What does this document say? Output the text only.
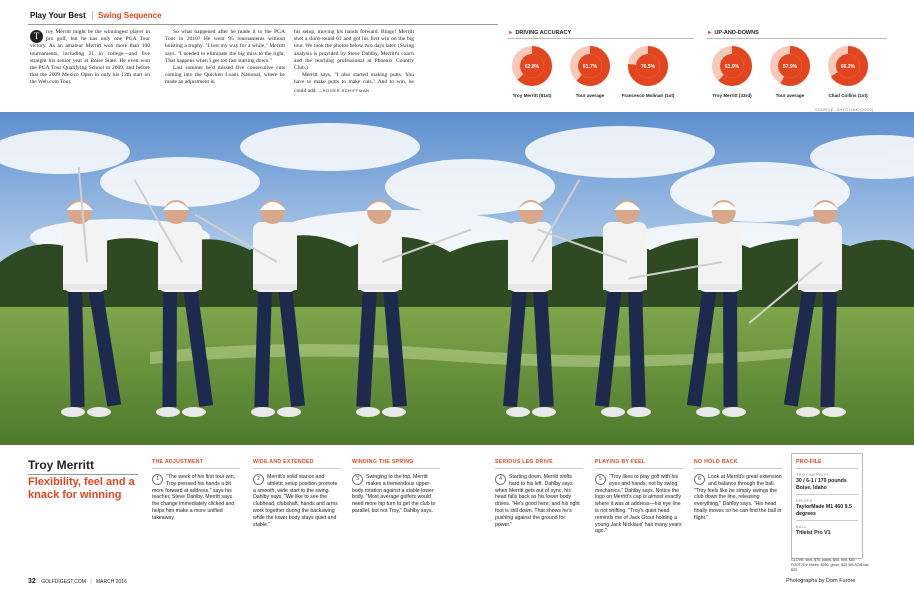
Play Your Best Swing Sequence
T	roy Merritt might be the winningest player in pro golf, but he has only one PGA Tour victory. As an amateur Merritt won more than 100 tournaments, including 21 in college—and five straight his senior year at Boise State. He even won the PGA Tour Qualifying School in 2009, and before that the 2009 Mexico Open in only his 12th start on the Web.com Tour.
So what happened after he made it to the PGA Tour in 2010? He went 95 tournaments without hoisting a trophy. "I lost my way for a while," Merritt says. "I needed to eliminate the big miss to the right. That happens when I get too fast starting down."
Last summer he'd missed five consecutive cuts coming into the Quicken Loans National, where he made an adjustment in
his setup, moving his hands forward. Bingo! Merritt shot a third-round 61 and got his first win on the big tour. We took the photos below two days later. (Swing analysis is provided by Steve Dahlby, Merritt's coach and the teaching professional at Phoenix Country Club.)
Merritt says, "I also started making putts. You have to make putts to make cuts." And to win, he could add. —ROGER SCHIFFMAN
► DRIVING ACCURACY
62.8%
Troy Merritt (81st)
61.7%
Tour average
76.5%
Francesco Molinari (1st)
► UP-AND-DOWNS
61.9%
Troy Merritt (33rd)
57.9%
Tour average
66.2%
Chad Collins (1st)
SOURCE: SHOTLINK (2015)
Troy Merritt
Flexibility, feel and a knack for winning
THE ADJUSTMENT
1	"The week of his first tour win, Troy pressed his hands a bit more forward at address," says his teacher, Steve Dahlby. Merritt says the change immediately clicked and helps him make a more unified takeaway.
WIDE AND EXTENDED
2	Merritt's solid stance and athletic setup position promote a smooth, wide start to the swing. Dahlby says, "We like to see the clubhead, clubshaft, hands and arms work together during the backswing while the lower body stays quiet and stable."
WINDING THE SPRING
3	Swinging to the top, Merritt makes a tremendous upper-body rotation against a stable lower body. "Most average golfers would need more hip turn to get the club to parallel, but not Troy," Dahlby says.
SERIOUS LEG DRIVE
4	Starting down, Merritt shifts hard to his left. Dahlby says when Merritt gets out of sync, his head falls back as his lower body drives. "He's good here, and his right foot is still down. That shows he's pushing against the ground for power."
PLAYING BY FEEL
5	"Troy likes to play golf with his eyes and hands, not by swing mechanics," Dahlby says. Notice the logo on Merritt's cap is almost exactly where it was at address—his eye line is not shifting. "Troy's quiet head reminds me of Jack Grout holding a young Jack Nicklaus' hair many years ago."
NO HOLD BACK
6	Look at Merritt's great extension and balance through the ball. "Troy feels like he simply swings the club down the line, releasing everything," Dahlby says. "His head finally moves so he can find the ball in flight."
PRO-FILE
TROY MERRITT
30 / 6-1 / 170 pounds Boise, Idaho
DRIVER
TaylorMade M1 460 9.5 degrees
BALL
Titleist Pro V1
GLOVE: shirt, $70, pants, $90, belt, $50 FOOTJOY shoes, $160, glove, $25 WILSON hat, $25
32 GOLFDIGEST.COM | MARCH 2016	Photographs by Dom Furore
